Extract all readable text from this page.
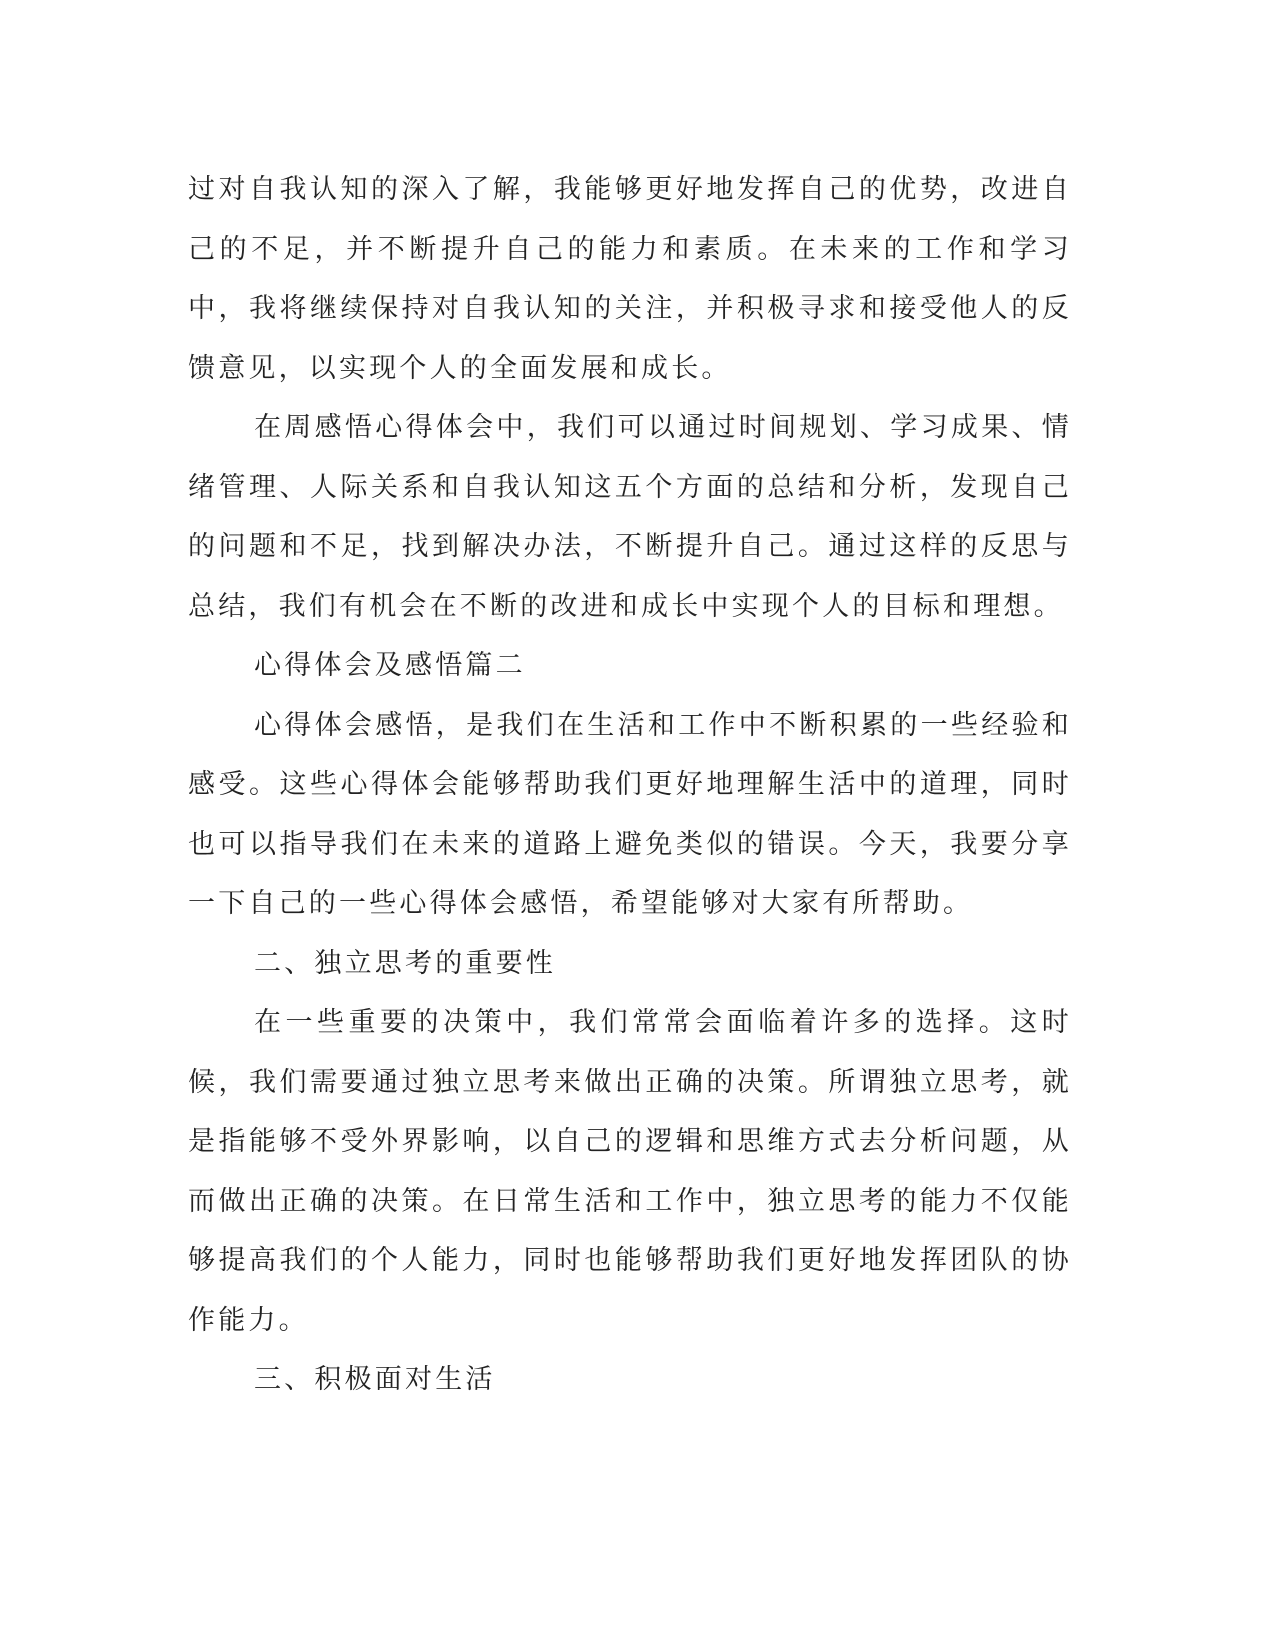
过对自我认知的深入了解，我能够更好地发挥自己的优势，改进自己的不足，并不断提升自己的能力和素质。在未来的工作和学习中，我将继续保持对自我认知的关注，并积极寻求和接受他人的反馈意见，以实现个人的全面发展和成长。

在周感悟心得体会中，我们可以通过时间规划、学习成果、情绪管理、人际关系和自我认知这五个方面的总结和分析，发现自己的问题和不足，找到解决办法，不断提升自己。通过这样的反思与总结，我们有机会在不断的改进和成长中实现个人的目标和理想。

心得体会及感悟篇二

心得体会感悟，是我们在生活和工作中不断积累的一些经验和感受。这些心得体会能够帮助我们更好地理解生活中的道理，同时也可以指导我们在未来的道路上避免类似的错误。今天，我要分享一下自己的一些心得体会感悟，希望能够对大家有所帮助。

二、独立思考的重要性

在一些重要的决策中，我们常常会面临着许多的选择。这时候，我们需要通过独立思考来做出正确的决策。所谓独立思考，就是指能够不受外界影响，以自己的逻辑和思维方式去分析问题，从而做出正确的决策。在日常生活和工作中，独立思考的能力不仅能够提高我们的个人能力，同时也能够帮助我们更好地发挥团队的协作能力。

三、积极面对生活
